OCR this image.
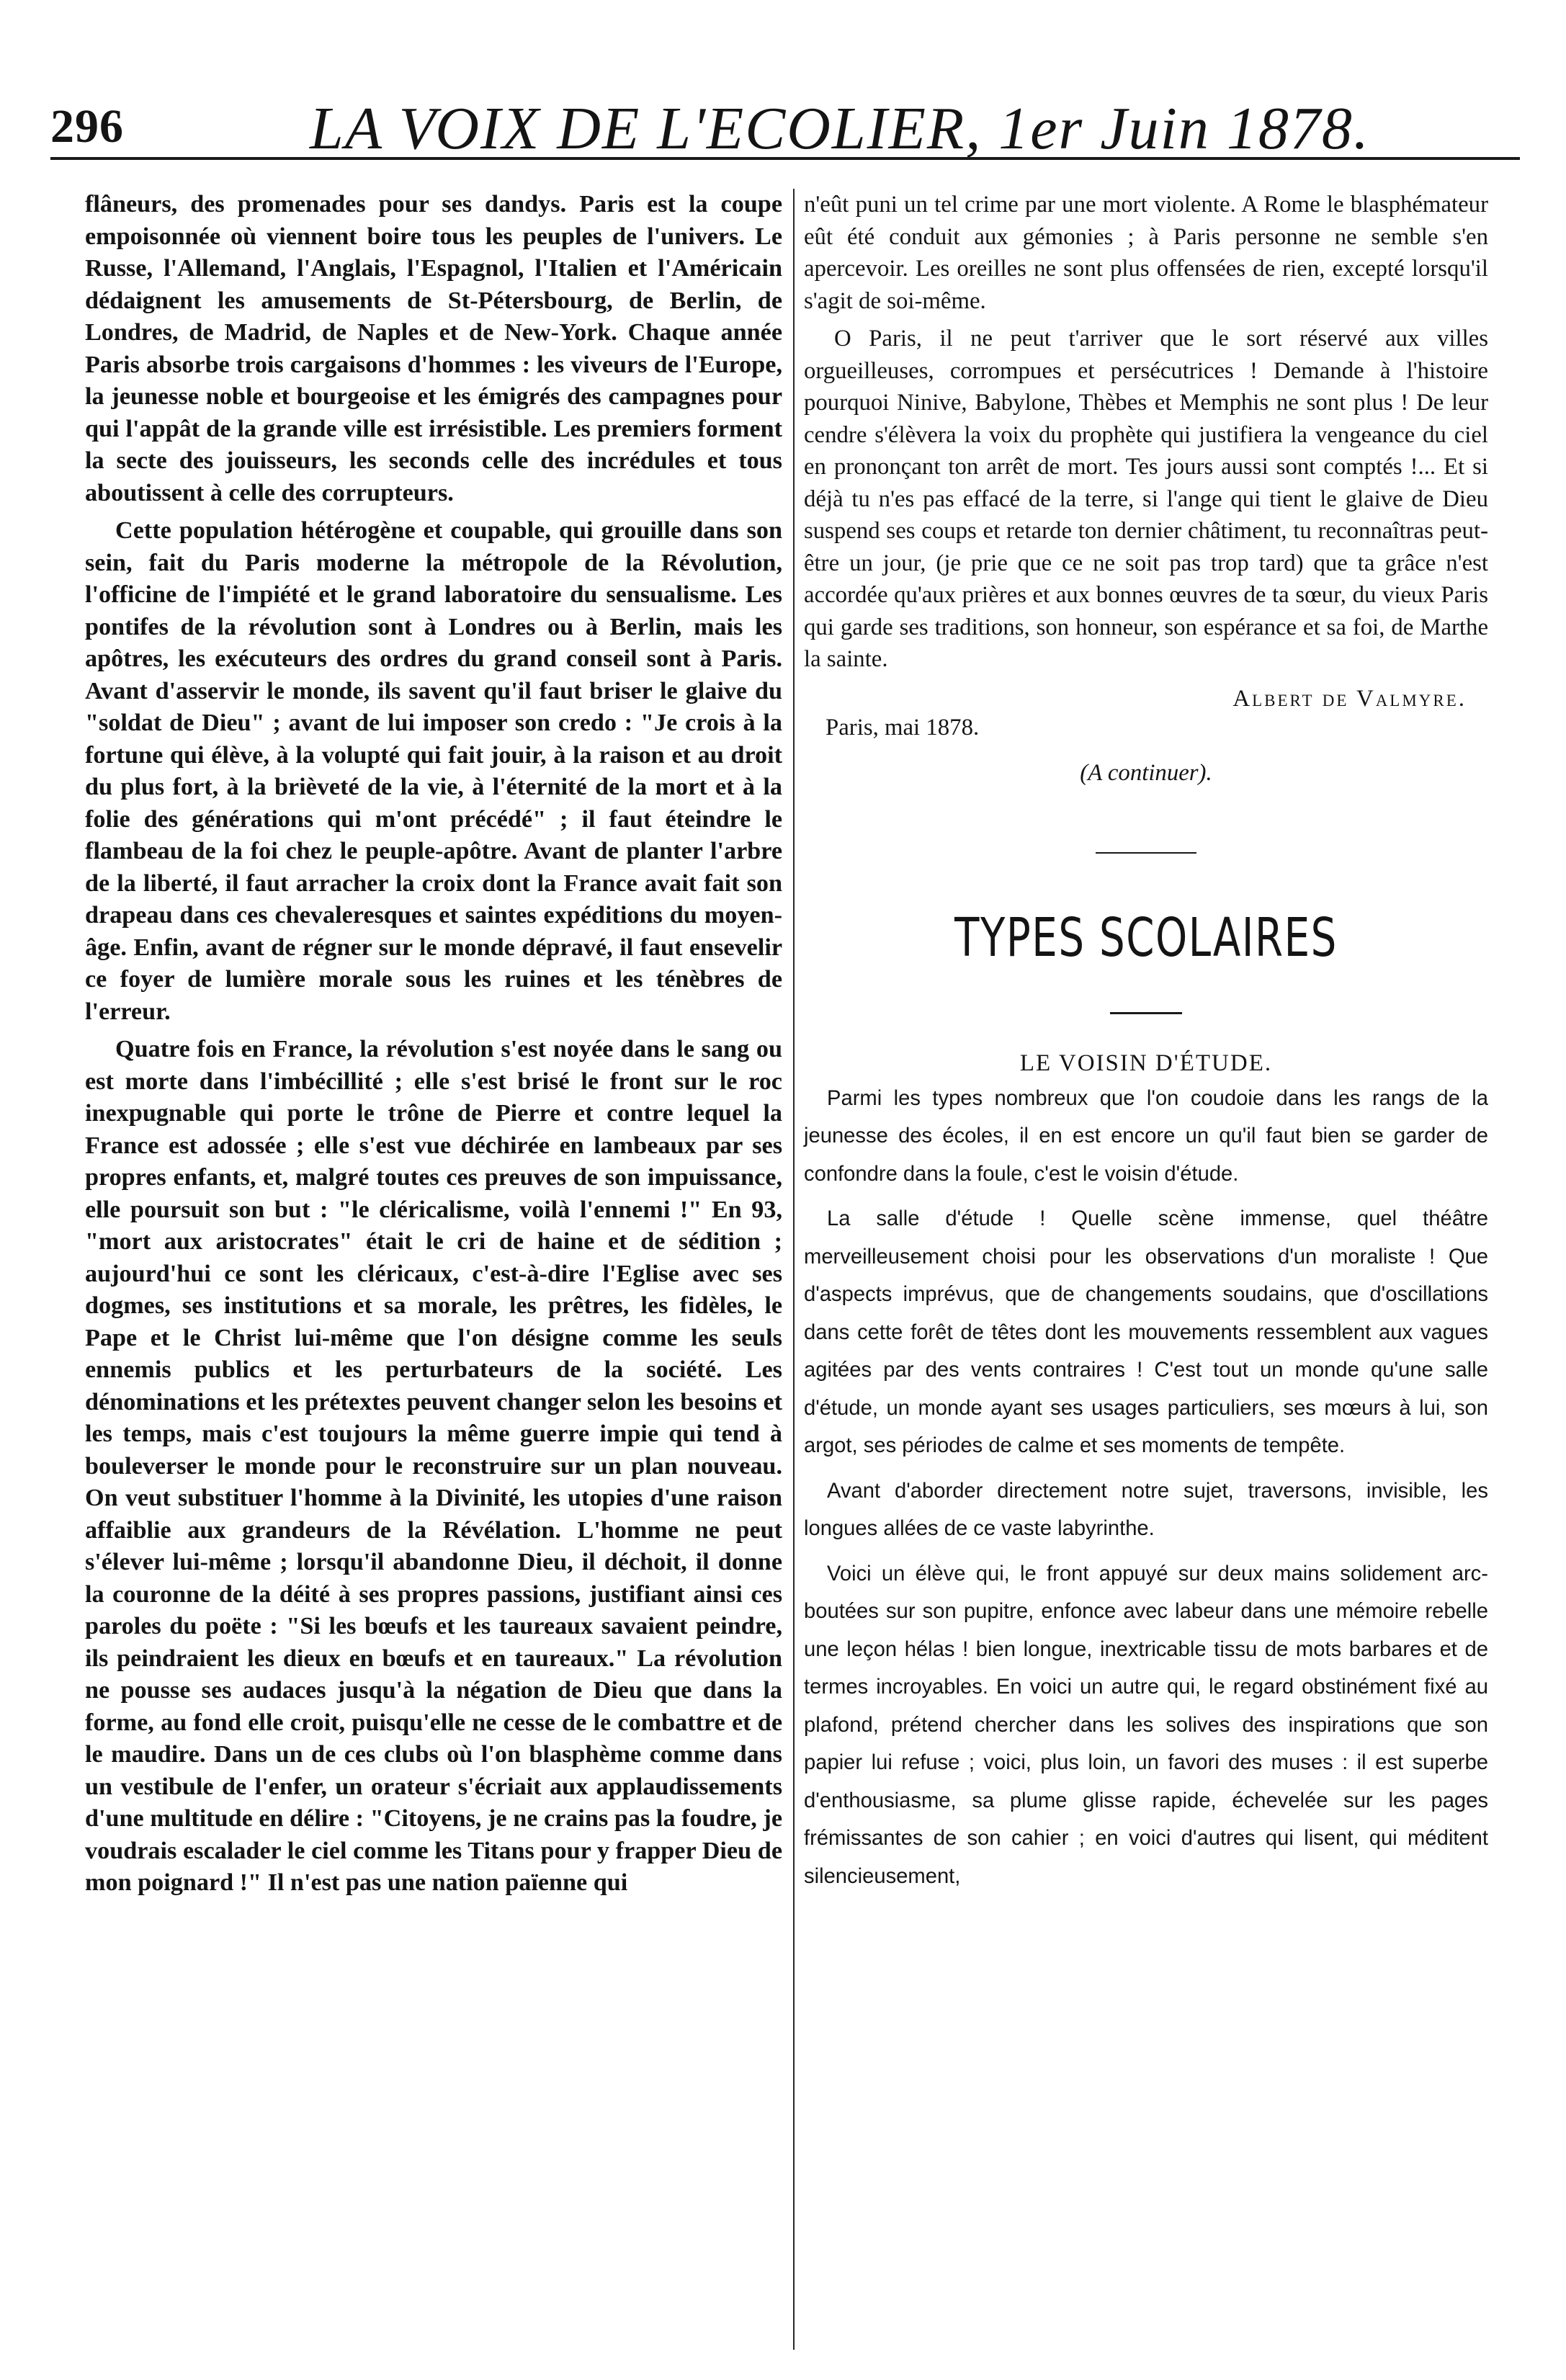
296	LA VOIX DE L'ECOLIER, 1er Juin 1878.

flâneurs, des promenades pour ses dandys. Paris est la coupe empoisonnée où viennent boire tous les peuples de l'univers. Le Russe, l'Allemand, l'Anglais, l'Espagnol, l'Italien et l'Américain dédaignent les amusements de St-Pétersbourg, de Berlin, de Londres, de Madrid, de Naples et de New-York. Chaque année Paris absorbe trois cargaisons d'hommes : les viveurs de l'Europe, la jeunesse noble et bourgeoise et les émigrés des campagnes pour qui l'appât de la grande ville est irrésistible. Les premiers forment la secte des jouisseurs, les seconds celle des incrédules et tous aboutissent à celle des corrupteurs.

Cette population hétérogène et coupable, qui grouille dans son sein, fait du Paris moderne la métropole de la Révolution, l'officine de l'impiété et le grand laboratoire du sensualisme. Les pontifes de la révolution sont à Londres ou à Berlin, mais les apôtres, les exécuteurs des ordres du grand conseil sont à Paris. Avant d'asservir le monde, ils savent qu'il faut briser le glaive du "soldat de Dieu" ; avant de lui imposer son credo : "Je crois à la fortune qui élève, à la volupté qui fait jouir, à la raison et au droit du plus fort, à la brièveté de la vie, à l'éternité de la mort et à la folie des générations qui m'ont précédé" ; il faut éteindre le flambeau de la foi chez le peuple-apôtre. Avant de planter l'arbre de la liberté, il faut arracher la croix dont la France avait fait son drapeau dans ces chevaleresques et saintes expéditions du moyen-âge. Enfin, avant de régner sur le monde dépravé, il faut ensevelir ce foyer de lumière morale sous les ruines et les ténèbres de l'erreur.

Quatre fois en France, la révolution s'est noyée dans le sang ou est morte dans l'imbécillité ; elle s'est brisé le front sur le roc inexpugnable qui porte le trône de Pierre et contre lequel la France est adossée ; elle s'est vue déchirée en lambeaux par ses propres enfants, et, malgré toutes ces preuves de son impuissance, elle poursuit son but : "le cléricalisme, voilà l'ennemi !" En 93, "mort aux aristocrates" était le cri de haine et de sédition ; aujourd'hui ce sont les cléricaux, c'est-à-dire l'Eglise avec ses dogmes, ses institutions et sa morale, les prêtres, les fidèles, le Pape et le Christ lui-même que l'on désigne comme les seuls ennemis publics et les perturbateurs de la société. Les dénominations et les prétextes peuvent changer selon les besoins et les temps, mais c'est toujours la même guerre impie qui tend à bouleverser le monde pour le reconstruire sur un plan nouveau. On veut substituer l'homme à la Divinité, les utopies d'une raison affaiblie aux grandeurs de la Révélation. L'homme ne peut s'élever lui-même ; lorsqu'il abandonne Dieu, il déchoit, il donne la couronne de la déité à ses propres passions, justifiant ainsi ces paroles du poëte : "Si les bœufs et les taureaux savaient peindre, ils peindraient les dieux en bœufs et en taureaux." La révolution ne pousse ses audaces jusqu'à la négation de Dieu que dans la forme, au fond elle croit, puisqu'elle ne cesse de le combattre et de le maudire. Dans un de ces clubs où l'on blasphème comme dans un vestibule de l'enfer, un orateur s'écriait aux applaudissements d'une multitude en délire : "Citoyens, je ne crains pas la foudre, je voudrais escalader le ciel comme les Titans pour y frapper Dieu de mon poignard !" Il n'est pas une nation païenne qui

n'eût puni un tel crime par une mort violente. A Rome le blasphémateur eût été conduit aux gémonies ; à Paris personne ne semble s'en apercevoir. Les oreilles ne sont plus offensées de rien, excepté lorsqu'il s'agit de soi-même.

O Paris, il ne peut t'arriver que le sort réservé aux villes orgueilleuses, corrompues et persécutrices ! Demande à l'histoire pourquoi Ninive, Babylone, Thèbes et Memphis ne sont plus ! De leur cendre s'élèvera la voix du prophète qui justifiera la vengeance du ciel en prononçant ton arrêt de mort. Tes jours aussi sont comptés !... Et si déjà tu n'es pas effacé de la terre, si l'ange qui tient le glaive de Dieu suspend ses coups et retarde ton dernier châtiment, tu reconnaîtras peut-être un jour, (je prie que ce ne soit pas trop tard) que ta grâce n'est accordée qu'aux prières et aux bonnes œuvres de ta sœur, du vieux Paris qui garde ses traditions, son honneur, son espérance et sa foi, de Marthe la sainte.

Albert de Valmyre.

Paris, mai 1878.

(A continuer).

TYPES SCOLAIRES

LE VOISIN D'ÉTUDE.

Parmi les types nombreux que l'on coudoie dans les rangs de la jeunesse des écoles, il en est encore un qu'il faut bien se garder de confondre dans la foule, c'est le voisin d'étude.

La salle d'étude ! Quelle scène immense, quel théâtre merveilleusement choisi pour les observations d'un moraliste ! Que d'aspects imprévus, que de changements soudains, que d'oscillations dans cette forêt de têtes dont les mouvements ressemblent aux vagues agitées par des vents contraires ! C'est tout un monde qu'une salle d'étude, un monde ayant ses usages particuliers, ses mœurs à lui, son argot, ses périodes de calme et ses moments de tempête.

Avant d'aborder directement notre sujet, traversons, invisible, les longues allées de ce vaste labyrinthe.

Voici un élève qui, le front appuyé sur deux mains solidement arc-boutées sur son pupitre, enfonce avec labeur dans une mémoire rebelle une leçon hélas ! bien longue, inextricable tissu de mots barbares et de termes incroyables. En voici un autre qui, le regard obstinément fixé au plafond, prétend chercher dans les solives des inspirations que son papier lui refuse ; voici, plus loin, un favori des muses : il est superbe d'enthousiasme, sa plume glisse rapide, échevelée sur les pages frémissantes de son cahier ; en voici d'autres qui lisent, qui méditent silencieusement,
